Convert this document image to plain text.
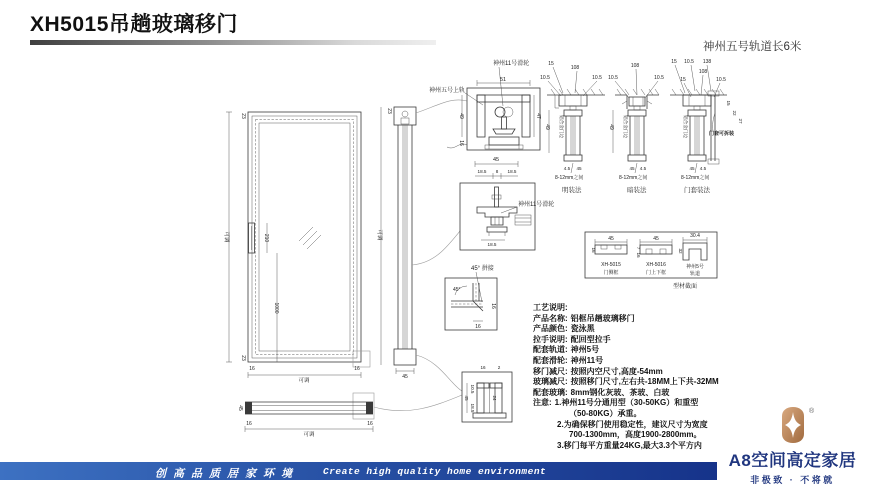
XH5015吊趟玻璃移门
神州五号轨道长6米
可调
23
23
210
1000
16	16
可调
45
16	16
可调
可调
23
45
51
49
16
47
神州五号上轨
神州11号滑轮
45
18.5 8 18.5
18.5
神州11号滑轮
45°
16
16
45° 拼接
16	2
10.5
45
18.5
24
4.5 45
8-12mm之间
明装法
铝合金门边
15
108
10.5	10.5
49
45 4.5
8-12mm之间
暗装法
铝合金门边
108
10.5	10.5
49
45 4.5
8-12mm之间
门套装法
铝合金门边
15 10.5 138
108
15	10.5
15
22
27
门套可拆装
45
16
XH-5015
门侧框
45
7
16
XH-5016
门上下框
30.4
32
神州5号
轨道
型材截面
工艺说明:
产品名称: 铝框吊趟玻璃移门
产品颜色: 瓷泳黑
拉手说明: 配回型拉手
配套轨道: 神州5号
配套滑轮: 神州11号
移门减尺: 按照内空尺寸,高度-54mm
玻璃减尺: 按照移门尺寸,左右共-18MM上下共-32MM
配套玻璃: 8mm钢化灰玻、茶玻、白玻
注意: 1.神州11号分通用型（30-50KG）和重型
（50-80KG）承重。
2.为确保移门使用稳定性，建议尺寸为宽度
700-1300mm，高度1900-2800mm。
3.移门每平方重量24KG,最大3.3个平方内
创高品质居家环境	Create high quality home environment
®
A8空间高定家居
非极致 · 不将就
